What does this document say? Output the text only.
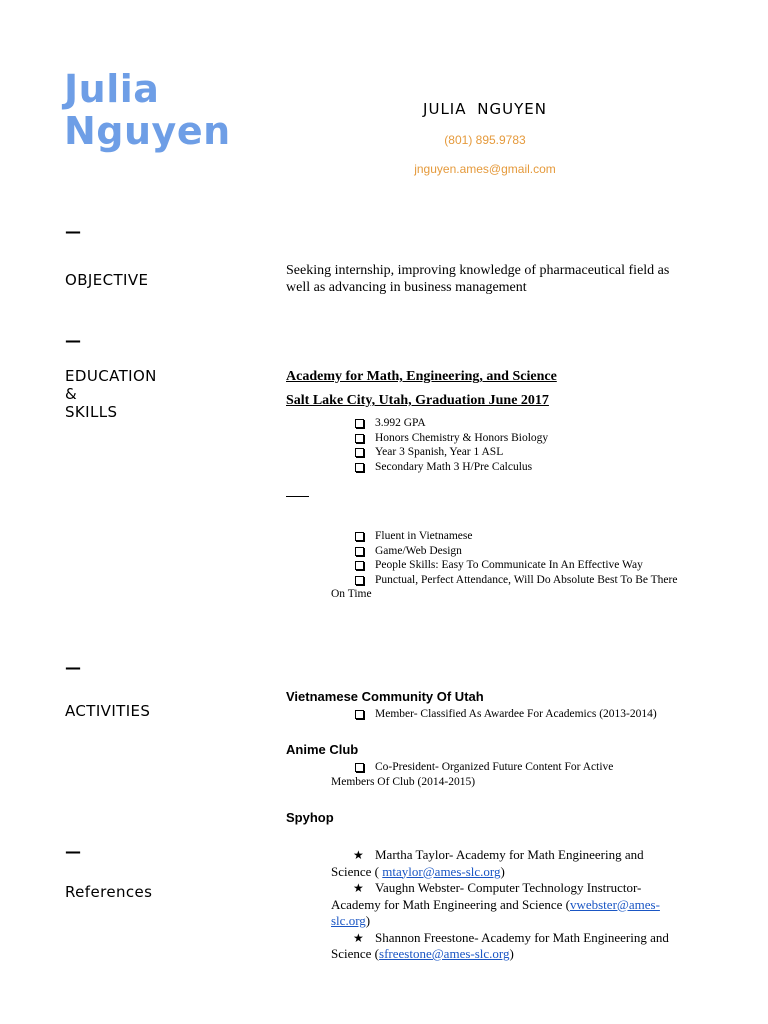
Julia
Nguyen	JULIA NGUYEN
(801) 895.9783
jnguyen.ames@gmail.com
—
OBJECTIVE
Seeking internship, improving knowledge of pharmaceutical field as well as advancing in business management
—
EDUCATION
&
SKILLS
Academy for Math, Engineering, and Science
Salt Lake City, Utah, Graduation June 2017
3.992 GPA
Honors Chemistry & Honors Biology
Year 3 Spanish, Year 1 ASL
Secondary Math 3 H/Pre Calculus
Fluent in Vietnamese
Game/Web Design
People Skills: Easy To Communicate In An Effective Way
Punctual, Perfect Attendance, Will Do Absolute Best To Be There On Time
—
ACTIVITIES
Vietnamese Community Of Utah
Member- Classified As Awardee For Academics (2013-2014)
Anime Club
Co-President- Organized Future Content For Active Members Of Club (2014-2015)
Spyhop
—
References
★ Martha Taylor- Academy for Math Engineering and Science ( mtaylor@ames-slc.org)
★ Vaughn Webster- Computer Technology Instructor- Academy for Math Engineering and Science (vwebster@ames-slc.org)
★ Shannon Freestone- Academy for Math Engineering and Science (sfreestone@ames-slc.org)
